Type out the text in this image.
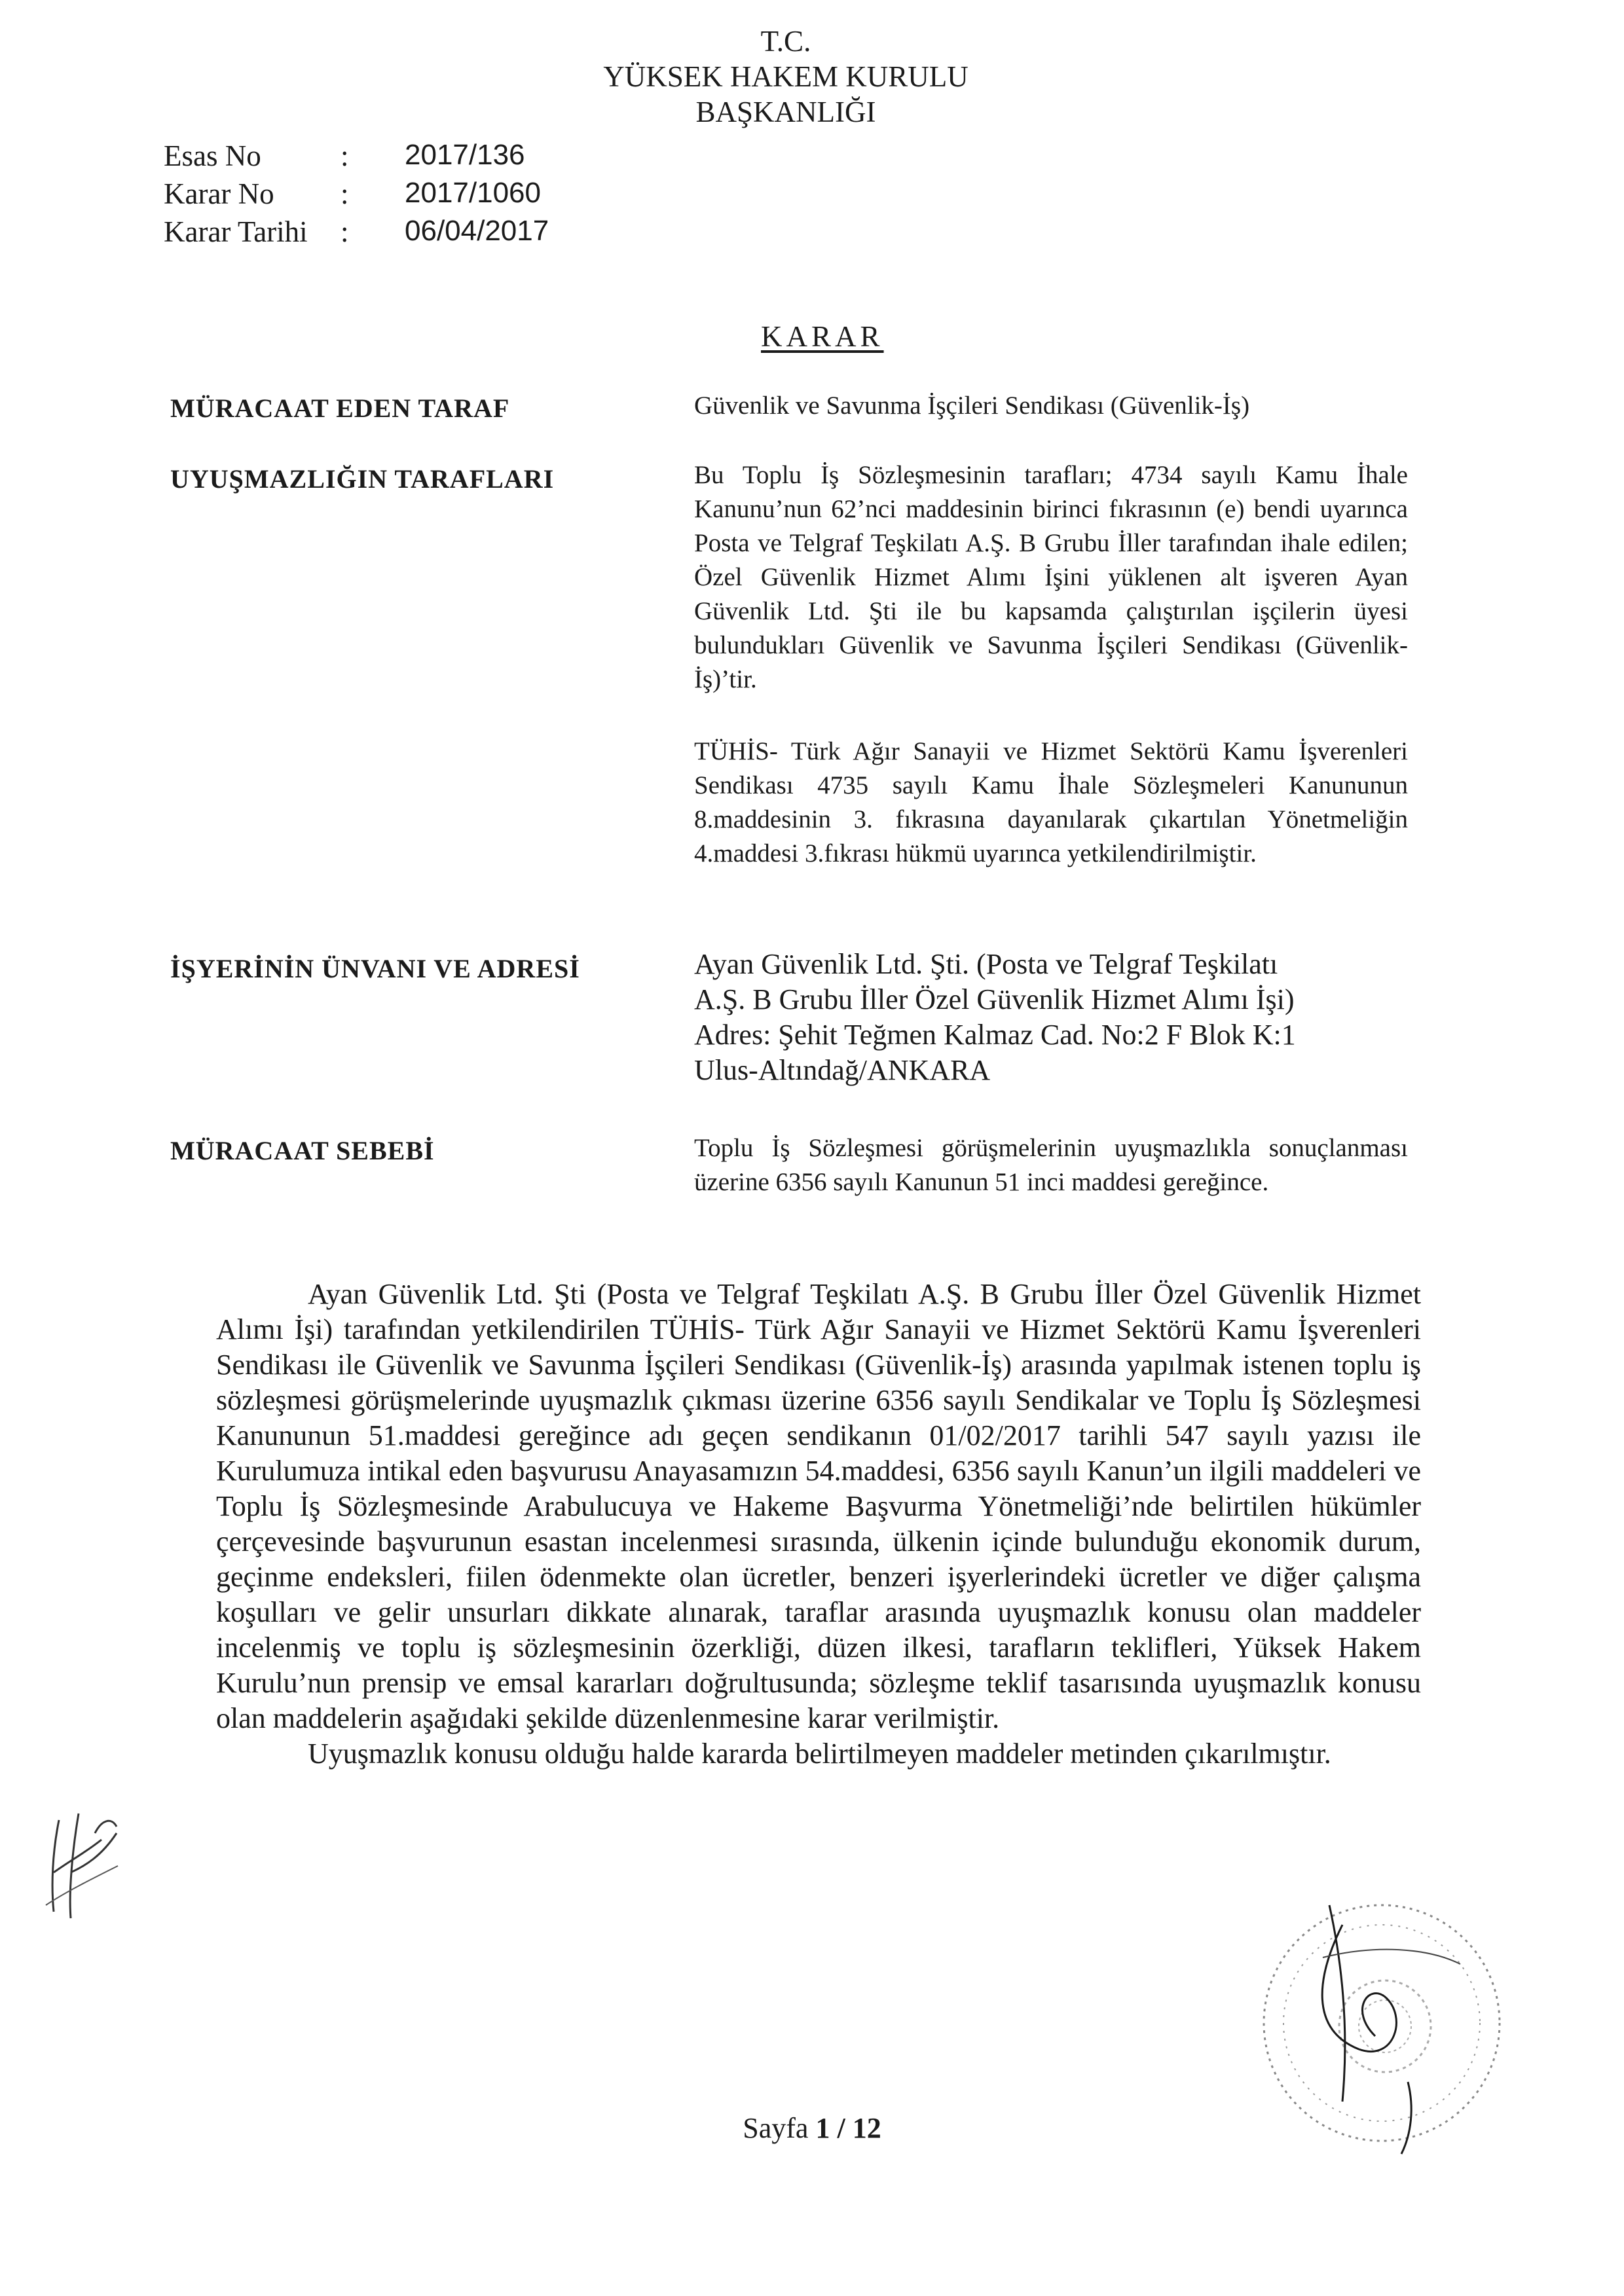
T.C.
YÜKSEK HAKEM KURULU
BAŞKANLIĞI
Esas No	: 2017/136
Karar No : 2017/1060
Karar Tarihi : 06/04/2017
KARAR
MÜRACAAT EDEN TARAF	Güvenlik ve Savunma İşçileri Sendikası (Güvenlik-İş)
UYUŞMAZLIĞIN TARAFLARI	Bu Toplu İş Sözleşmesinin tarafları; 4734 sayılı Kamu İhale Kanunu’nun 62’nci maddesinin birinci fıkrasının (e) bendi uyarınca Posta ve Telgraf Teşkilatı A.Ş. B Grubu İller tarafından ihale edilen; Özel Güvenlik Hizmet Alımı İşini yüklenen alt işveren Ayan Güvenlik Ltd. Şti ile bu kapsamda çalıştırılan işçilerin üyesi bulundukları Güvenlik ve Savunma İşçileri Sendikası (Güvenlik-İş)’tir.

TÜHİS- Türk Ağır Sanayii ve Hizmet Sektörü Kamu İşverenleri Sendikası 4735 sayılı Kamu İhale Sözleşmeleri Kanununun 8.maddesinin 3. fıkrasına dayanılarak çıkartılan Yönetmeliğin 4.maddesi 3.fıkrası hükmü uyarınca yetkilendirilmiştir.

İŞYERİNİN ÜNVANI VE ADRESİ	Ayan Güvenlik Ltd. Şti. (Posta ve Telgraf Teşkilatı
A.Ş. B Grubu İller Özel Güvenlik Hizmet Alımı İşi)
Adres: Şehit Teğmen Kalmaz Cad. No:2 F Blok K:1
Ulus-Altındağ/ANKARA
MÜRACAAT SEBEBİ	Toplu İş Sözleşmesi görüşmelerinin uyuşmazlıkla sonuçlanması üzerine 6356 sayılı Kanunun 51 inci maddesi gereğince.

Ayan Güvenlik Ltd. Şti (Posta ve Telgraf Teşkilatı A.Ş. B Grubu İller Özel Güvenlik Hizmet Alımı İşi) tarafından yetkilendirilen TÜHİS- Türk Ağır Sanayii ve Hizmet Sektörü Kamu İşverenleri Sendikası ile Güvenlik ve Savunma İşçileri Sendikası (Güvenlik-İş) arasında yapılmak istenen toplu iş sözleşmesi görüşmelerinde uyuşmazlık çıkması üzerine 6356 sayılı Sendikalar ve Toplu İş Sözleşmesi Kanununun 51.maddesi gereğince adı geçen sendikanın 01/02/2017 tarihli 547 sayılı yazısı ile Kurulumuza intikal eden başvurusu Anayasamızın 54.maddesi, 6356 sayılı Kanun’un ilgili maddeleri ve Toplu İş Sözleşmesinde Arabulucuya ve Hakeme Başvurma Yönetmeliği’nde belirtilen hükümler çerçevesinde başvurunun esastan incelenmesi sırasında, ülkenin içinde bulunduğu ekonomik durum, geçinme endeksleri, fiilen ödenmekte olan ücretler, benzeri işyerlerindeki ücretler ve diğer çalışma koşulları ve gelir unsurları dikkate alınarak, taraflar arasında uyuşmazlık konusu olan maddeler incelenmiş ve toplu iş sözleşmesinin özerkliği, düzen ilkesi, tarafların teklifleri, Yüksek Hakem Kurulu’nun prensip ve emsal kararları doğrultusunda; sözleşme teklif tasarısında uyuşmazlık konusu olan maddelerin aşağıdaki şekilde düzenlenmesine karar verilmiştir.

Uyuşmazlık konusu olduğu halde kararda belirtilmeyen maddeler metinden çıkarılmıştır.

Sayfa 1 / 12
